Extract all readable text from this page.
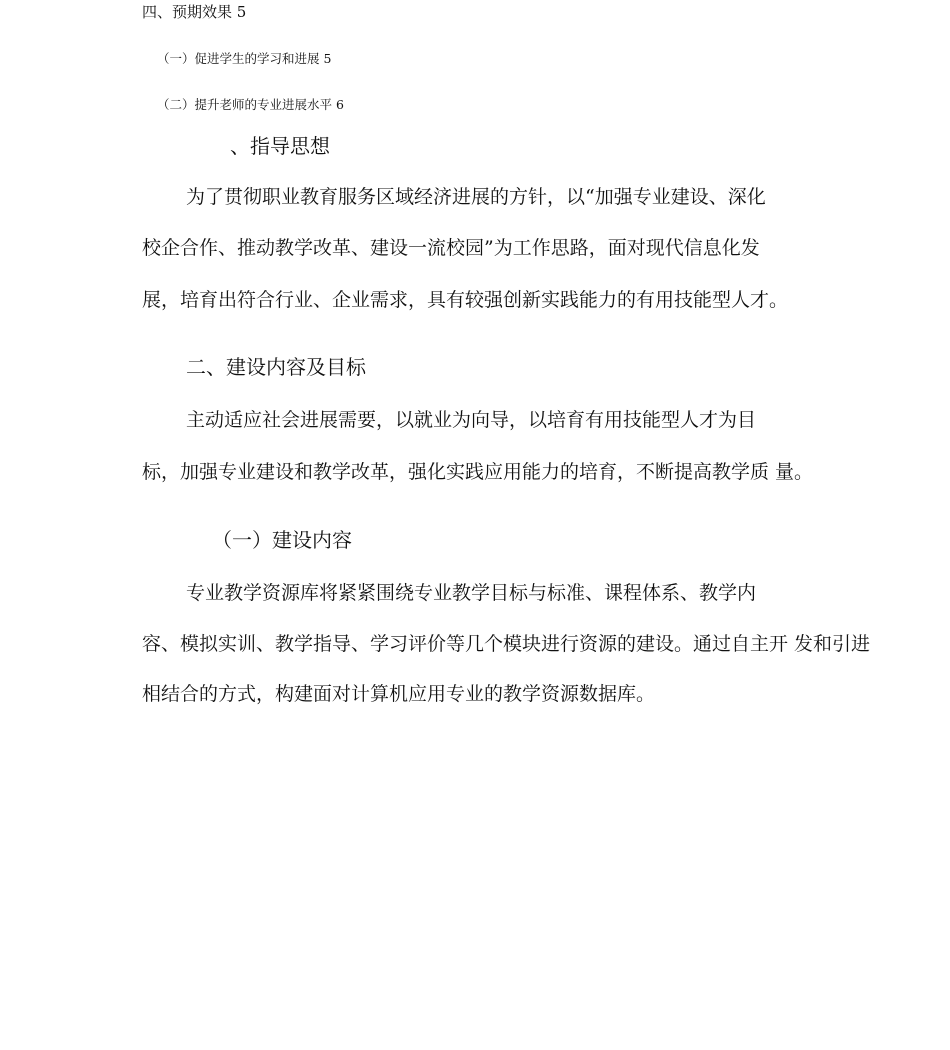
四、预期效果 5
（一）促进学生的学习和进展 5
（二）提升老师的专业进展水平 6
、指导思想
为了贯彻职业教育服务区域经济进展的方针，以“加强专业建设、深化
校企合作、推动教学改革、建设一流校园”为工作思路，面对现代信息化发
展，培育出符合行业、企业需求，具有较强创新实践能力的有用技能型人才。
二、建设内容及目标
主动适应社会进展需要，以就业为向导，以培育有用技能型人才为目
标，加强专业建设和教学改革，强化实践应用能力的培育，不断提高教学质 量。
（一）建设内容
专业教学资源库将紧紧围绕专业教学目标与标准、课程体系、教学内
容、模拟实训、教学指导、学习评价等几个模块进行资源的建设。通过自主开 发和引进
相结合的方式，构建面对计算机应用专业的教学资源数据库。
